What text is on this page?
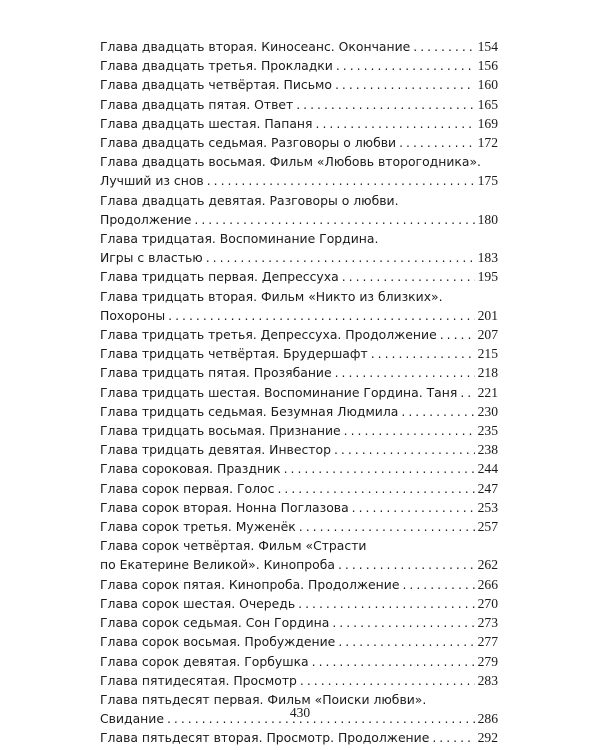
Глава двадцать вторая. Киносеанс. Окончание .....	154
Глава двадцать третья. Прокладки .....	156
Глава двадцать четвёртая. Письмо .....	160
Глава двадцать пятая. Ответ .....	165
Глава двадцать шестая. Папаня .....	169
Глава двадцать седьмая. Разговоры о любви .....	172
Глава двадцать восьмая. Фильм «Любовь второгодника».
Лучший из снов .....	175
Глава двадцать девятая. Разговоры о любви.
Продолжение .....	180
Глава тридцатая. Воспоминание Гордина.
Игры с властью .....	183
Глава тридцать первая. Депрессуха .....	195
Глава тридцать вторая. Фильм «Никто из близких».
Похороны .....	201
Глава тридцать третья. Депрессуха. Продолжение .....	207
Глава тридцать четвёртая. Брудершафт .....	215
Глава тридцать пятая. Прозябание .....	218
Глава тридцать шестая. Воспоминание Гордина. Таня ..... 221
Глава тридцать седьмая. Безумная Людмила .....	230
Глава тридцать восьмая. Признание .....	235
Глава тридцать девятая. Инвестор .....	238
Глава сороковая. Праздник .....	244
Глава сорок первая. Голос .....	247
Глава сорок вторая. Нонна Поглазова .....	253
Глава сорок третья. Муженёк .....	257
Глава сорок четвёртая. Фильм «Страсти
по Екатерине Великой». Кинопроба .....	262
Глава сорок пятая. Кинопроба. Продолжение .....	266
Глава сорок шестая. Очередь .....	270
Глава сорок седьмая. Сон Гордина .....	273
Глава сорок восьмая. Пробуждение .....	277
Глава сорок девятая. Горбушка .....	279
Глава пятидесятая. Просмотр .....	283
Глава пятьдесят первая. Фильм «Поиски любви».
Свидание .....	286
Глава пятьдесят вторая. Просмотр. Продолжение .....	292
430
